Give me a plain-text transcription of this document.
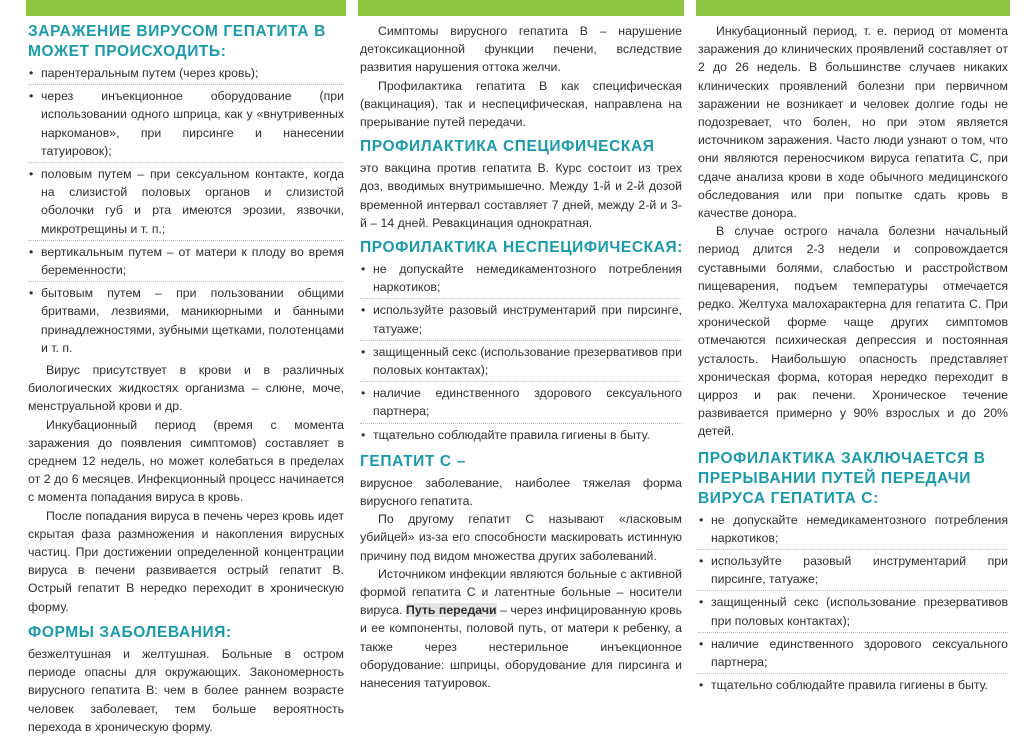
ЗАРАЖЕНИЕ ВИРУСОМ ГЕПАТИТА В МОЖЕТ ПРОИСХОДИТЬ:
• парентеральным путем (через кровь);
• через инъекционное оборудование (при использовании одного шприца, как у «внутривенных наркоманов», при пирсинге и нанесении татуировок);
• половым путем – при сексуальном контакте, когда на слизистой половых органов и слизистой оболочки губ и рта имеются эрозии, язвочки, микротрещины и т. п.;
• вертикальным путем – от матери к плоду во время беременности;
• бытовым путем – при пользовании общими бритвами, лезвиями, маникюрными и банными принадлежностями, зубными щетками, полотенцами и т. п.

Вирус присутствует в крови и в различных биологических жидкостях организма – слюне, моче, менструальной крови и др.

Инкубационный период (время с момента заражения до появления симптомов) составляет в среднем 12 недель, но может колебаться в пределах от 2 до 6 месяцев. Инфекционный процесс начинается с момента попадания вируса в кровь.

После попадания вируса в печень через кровь идет скрытая фаза размножения и накопления вирусных частиц. При достижении определенной концентрации вируса в печени развивается острый гепатит В. Острый гепатит В нередко переходит в хроническую форму.

ФОРМЫ ЗАБОЛЕВАНИЯ:

безжелтушная и желтушная. Больные в остром периоде опасны для окружающих. Закономерность вирусного гепатита В: чем в более раннем возрасте человек заболевает, тем больше вероятность перехода в хроническую форму.

Симптомы вирусного гепатита В – нарушение детоксикационной функции печени, вследствие развития нарушения оттока желчи.

Профилактика гепатита В как специфическая (вакцинация), так и неспецифическая, направлена на прерывание путей передачи.

ПРОФИЛАКТИКА СПЕЦИФИЧЕСКАЯ

это вакцина против гепатита В. Курс состоит из трех доз, вводимых внутримышечно. Между 1-й и 2-й дозой временной интервал составляет 7 дней, между 2-й и 3-й – 14 дней. Ревакцинация однократная.

ПРОФИЛАКТИКА НЕСПЕЦИФИЧЕСКАЯ:
• не допускайте немедикаментозного потребления наркотиков;
• используйте разовый инструментарий при пирсинге, татуаже;
• защищенный секс (использование презервативов при половых контактах);
• наличие единственного здорового сексуального партнера;
• тщательно соблюдайте правила гигиены в быту.
ГЕПАТИТ С –

вирусное заболевание, наиболее тяжелая форма вирусного гепатита.

По другому гепатит С называют «ласковым убийцей» из-за его способности маскировать истинную причину под видом множества других заболеваний.

Источником инфекции являются больные с активной формой гепатита С и латентные больные – носители вируса. Путь передачи – через инфицированную кровь и ее компоненты, половой путь, от матери к ребенку, а также через нестерильное инъекционное оборудование: шприцы, оборудование для пирсинга и нанесения татуировок.

Инкубационный период, т. е. период от момента заражения до клинических проявлений составляет от 2 до 26 недель. В большинстве случаев никаких клинических проявлений болезни при первичном заражении не возникает и человек долгие годы не подозревает, что болен, но при этом является источником заражения. Часто люди узнают о том, что они являются переносчиком вируса гепатита С, при сдаче анализа крови в ходе обычного медицинского обследования или при попытке сдать кровь в качестве донора.

В случае острого начала болезни начальный период длится 2-3 недели и сопровождается суставными болями, слабостью и расстройством пищеварения, подъем температуры отмечается редко. Желтуха малохарактерна для гепатита С. При хронической форме чаще других симптомов отмечаются психическая депрессия и постоянная усталость. Наибольшую опасность представляет хроническая форма, которая нередко переходит в цирроз и рак печени. Хроническое течение развивается примерно у 90% взрослых и до 20% детей.

ПРОФИЛАКТИКА ЗАКЛЮЧАЕТСЯ В ПРЕРЫВАНИИ ПУТЕЙ ПЕРЕДАЧИ ВИРУСА ГЕПАТИТА С:
• не допускайте немедикаментозного потребления наркотиков;
• используйте разовый инструментарий при пирсинге, татуаже;
• защищенный секс (использование презервативов при половых контактах);
• наличие единственного здорового сексуального партнера;
• тщательно соблюдайте правила гигиены в быту.
